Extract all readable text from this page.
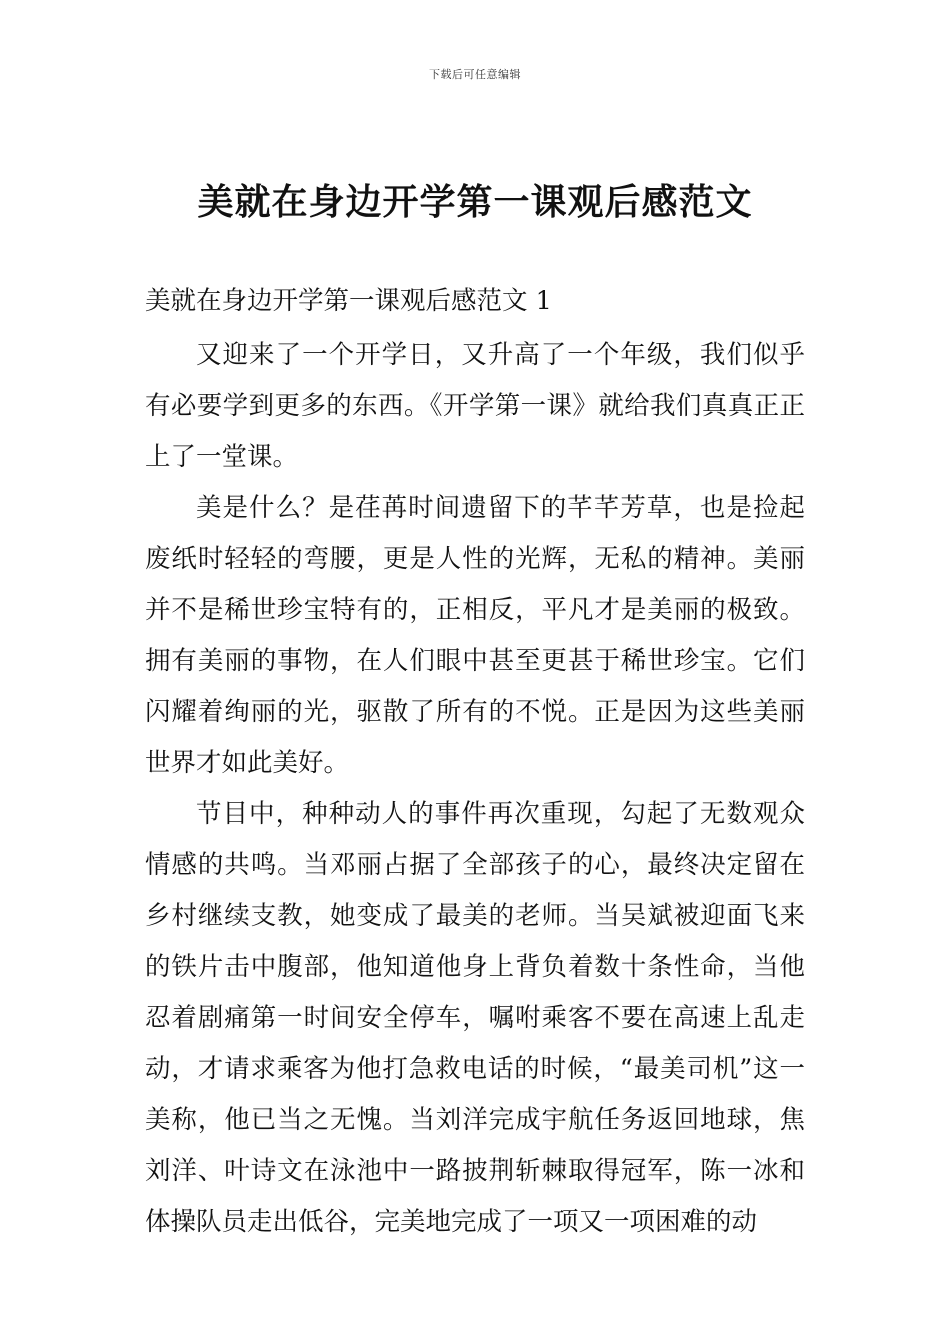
下载后可任意编辑
美就在身边开学第一课观后感范文
美就在身边开学第一课观后感范文 1

又迎来了一个开学日，又升高了一个年级，我们似乎有必要学到更多的东西。《开学第一课》就给我们真真正正上了一堂课。

美是什么？是荏苒时间遗留下的芊芊芳草，也是捡起废纸时轻轻的弯腰，更是人性的光辉，无私的精神。美丽并不是稀世珍宝特有的，正相反，平凡才是美丽的极致。拥有美丽的事物，在人们眼中甚至更甚于稀世珍宝。它们闪耀着绚丽的光，驱散了所有的不悦。正是因为这些美丽世界才如此美好。

节目中，种种动人的事件再次重现，勾起了无数观众情感的共鸣。当邓丽占据了全部孩子的心，最终决定留在乡村继续支教，她变成了最美的老师。当吴斌被迎面飞来的铁片击中腹部，他知道他身上背负着数十条性命，当他忍着剧痛第一时间安全停车，嘱咐乘客不要在高速上乱走动，才请求乘客为他打急救电话的时候，“最美司机”这一美称，他已当之无愧。当刘洋完成宇航任务返回地球，焦刘洋、叶诗文在泳池中一路披荆斩棘取得冠军，陈一冰和体操队员走出低谷，完美地完成了一项又一项困难的动
